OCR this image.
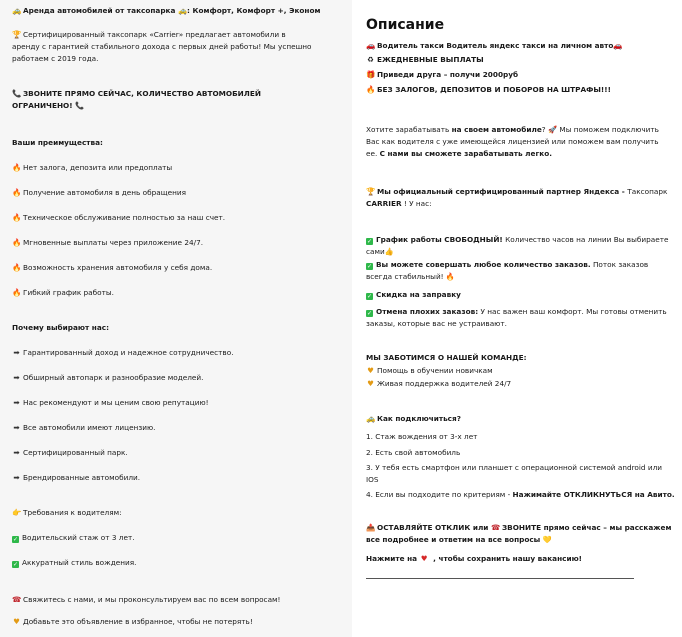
🚕 Аренда автомобилей от таксопарка 🚕: Комфорт, Комфорт +, Эконом
🏆 Сертифицированный таксопарк «Carrier» предлагает автомобили в
аренду с гарантией стабильного дохода с первых дней работы! Мы успешно
работаем с 2019 года.
📞 ЗВОНИТЕ ПРЯМО СЕЙЧАС, КОЛИЧЕСТВО АВТОМОБИЛЕЙ
ОГРАНИЧЕНО! 📞
Ваши преимущества:
🔥 Нет залога, депозита или предоплаты
🔥 Получение автомобиля в день обращения
🔥 Техническое обслуживание полностью за наш счет.
🔥 Мгновенные выплаты через приложение 24/7.
🔥 Возможность хранения автомобиля у себя дома.
🔥 Гибкий график работы.
Почему выбирают нас:
➡ Гарантированный доход и надежное сотрудничество.
➡ Обширный автопарк и разнообразие моделей.
➡ Нас рекомендуют и мы ценим свою репутацию!
➡ Все автомобили имеют лицензию.
➡ Сертифицированный парк.
➡ Брендированные автомобили.
👉 Требования к водителям:
✓ Водительский стаж от 3 лет.
✓ Аккуратный стиль вождения.
☎ Свяжитесь с нами, и мы проконсультируем вас по всем вопросам!
♥ Добавьте это объявление в избранное, чтобы не потерять!
Описание
🚗 Водитель такси Водитель яндекс такси на личном авто🚗
♻ ЕЖЕДНЕВНЫЕ ВЫПЛАТЫ
🎁 Приведи друга – получи 2000руб
🔥 БЕЗ ЗАЛОГОВ, ДЕПОЗИТОВ И ПОБОРОВ НА ШТРАФЫ!!!
Хотите зарабатывать на своем автомобиле? 🚀 Мы поможем подключить
Вас как водителя с уже имеющейся лицензией или поможем вам получить
ее. С нами вы сможете зарабатывать легко.
🏆 Мы официальный сертифицированный партнер Яндекса - Таксопарк
CARRIER ! У нас:
✓ График работы СВОБОДНЫЙ! Количество часов на линии Вы выбираете
сами👍
✓ Вы можете совершать любое количество заказов. Поток заказов
всегда стабильный! 🔥
✓ Скидка на заправку
✓ Отмена плохих заказов: У нас важен ваш комфорт. Мы готовы отменить
заказы, которые вас не устраивают.
МЫ ЗАБОТИМСЯ О НАШЕЙ КОМАНДЕ:
♥ Помощь в обучении новичкам
♥ Живая поддержка водителей 24/7
🚕 Как подключиться?
1. Стаж вождения от 3-х лет
2. Есть свой автомобиль
3. У тебя есть смартфон или планшет с операционной системой android или
IOS
4. Если вы подходите по критериям - Нажимайте ОТКЛИКНУТЬСЯ на Авито.
📤 ОСТАВЛЯЙТЕ ОТКЛИК или ☎ ЗВОНИТЕ прямо сейчас – мы расскажем
все подробнее и ответим на все вопросы 💛
Нажмите на ♥ , чтобы сохранить нашу вакансию!
